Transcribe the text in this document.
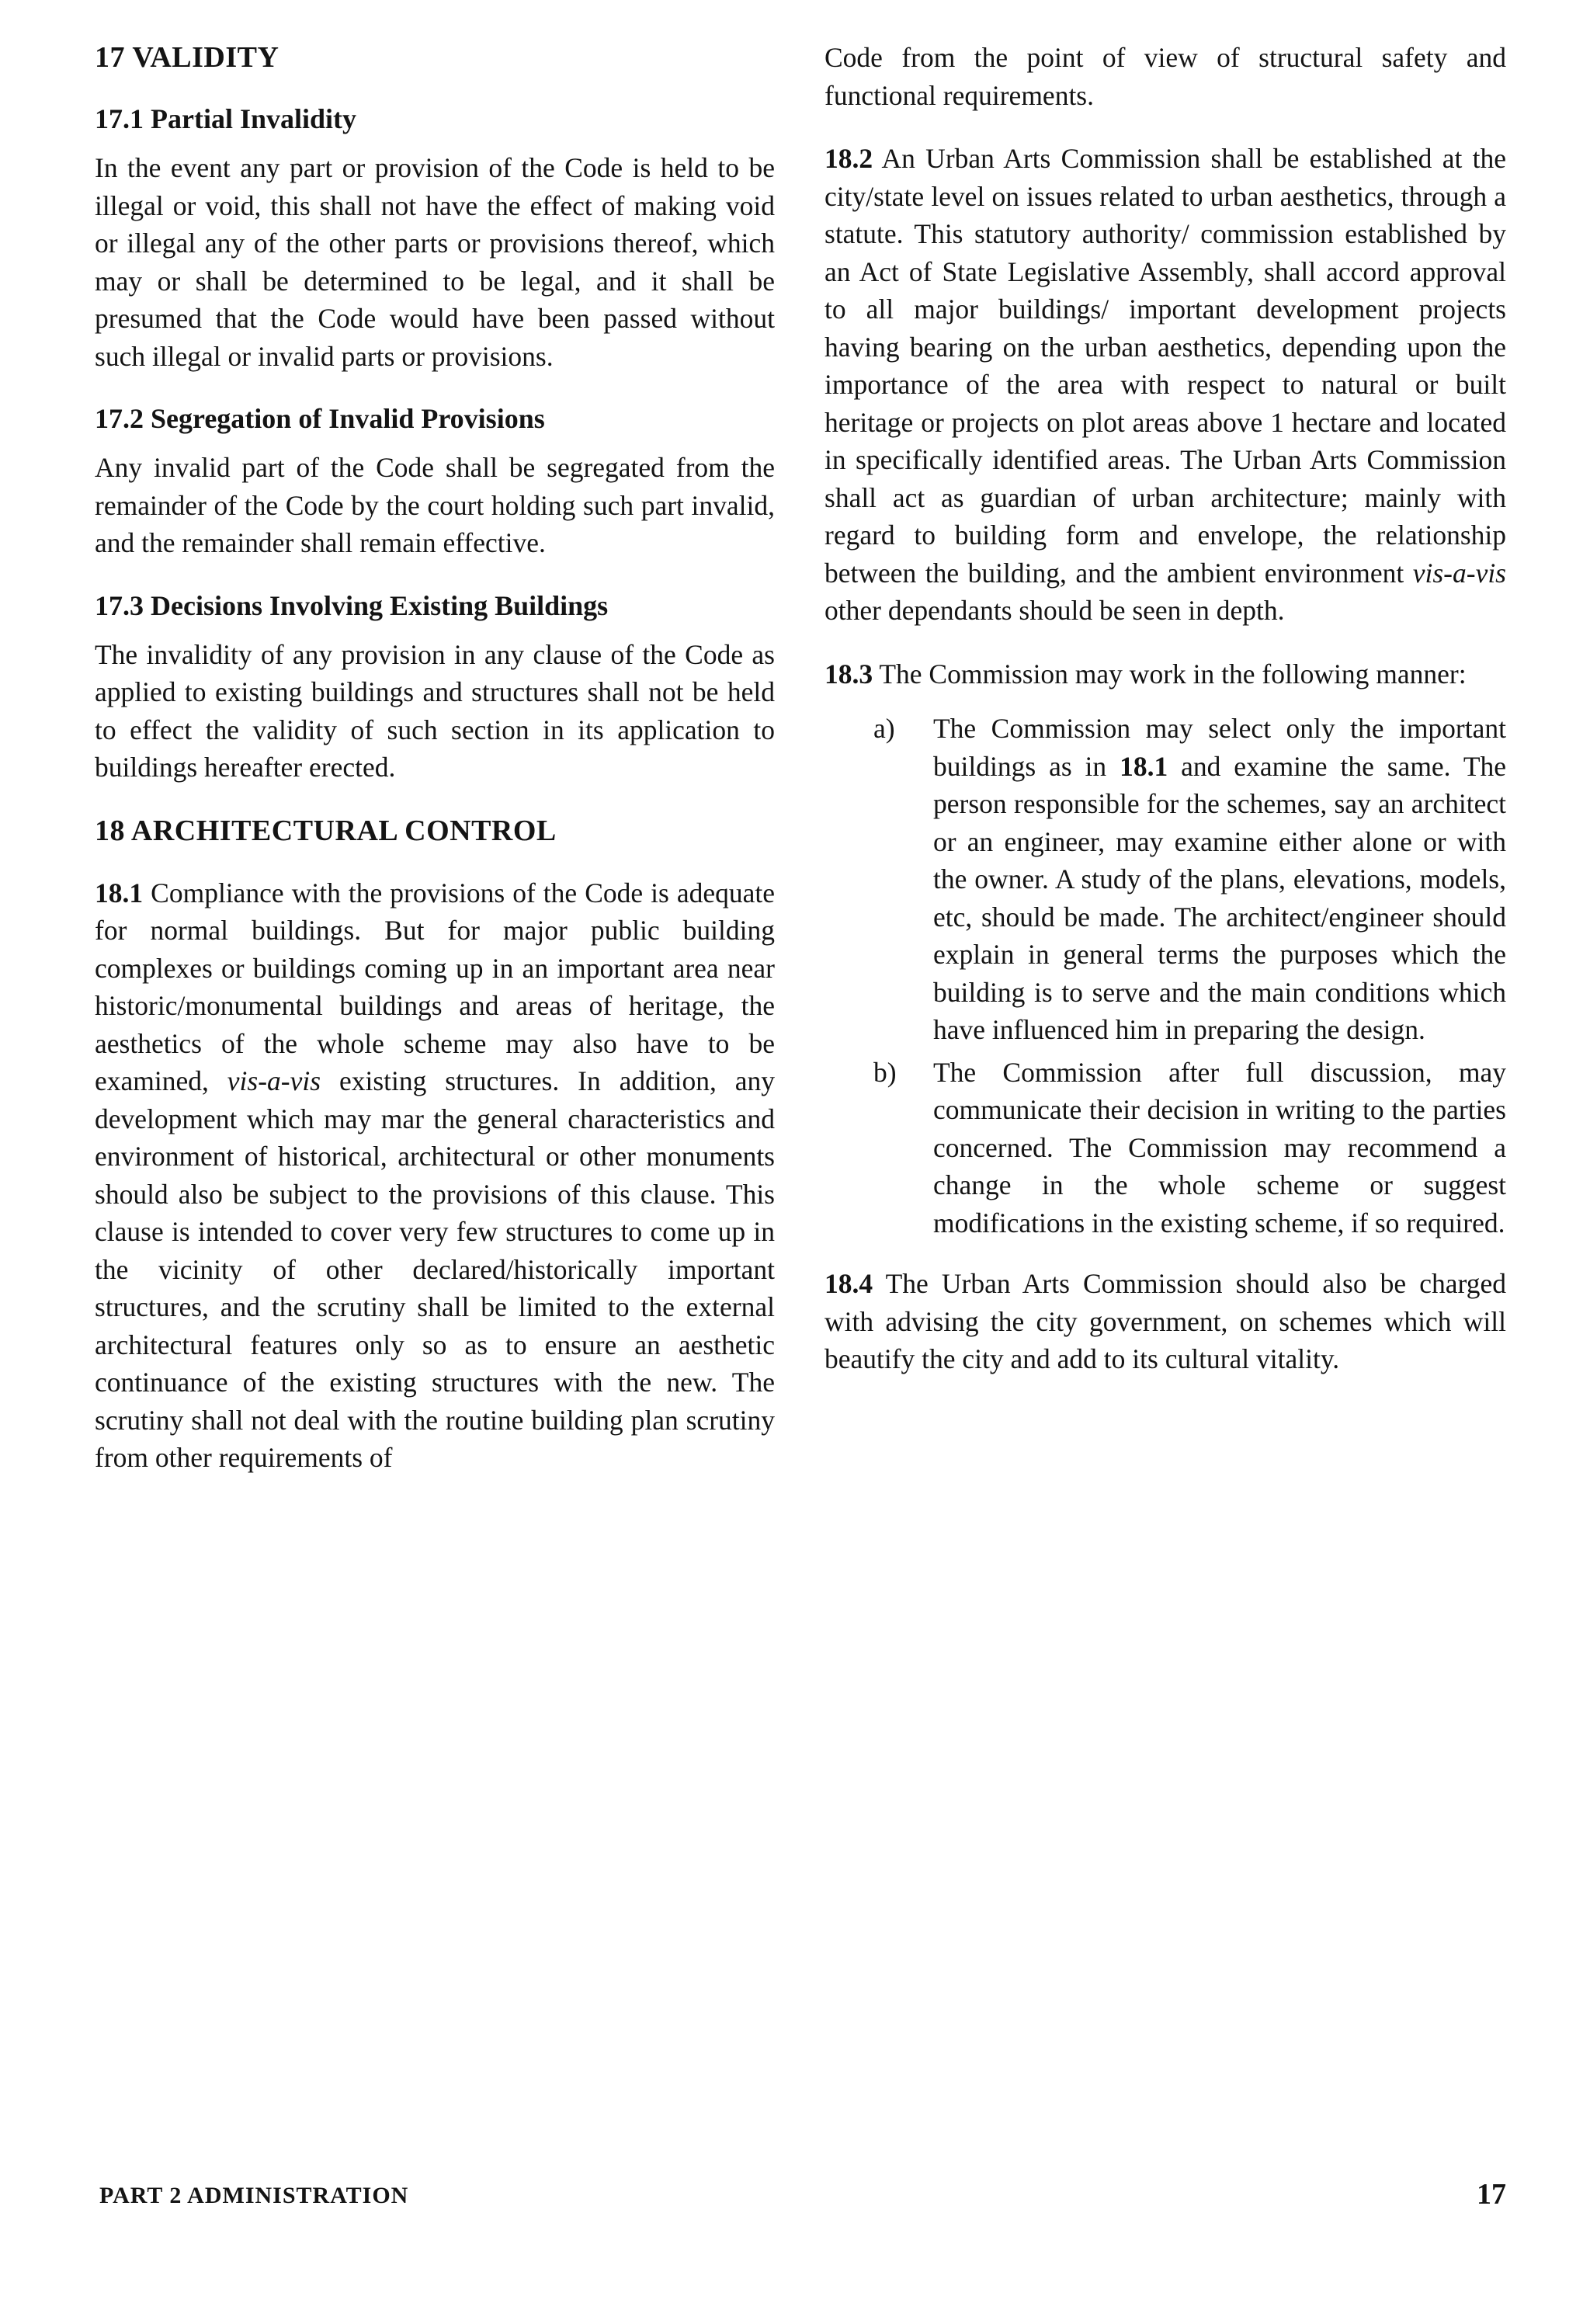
17 VALIDITY
17.1 Partial Invalidity

In the event any part or provision of the Code is held to be illegal or void, this shall not have the effect of making void or illegal any of the other parts or provisions thereof, which may or shall be determined to be legal, and it shall be presumed that the Code would have been passed without such illegal or invalid parts or provisions.

17.2 Segregation of Invalid Provisions

Any invalid part of the Code shall be segregated from the remainder of the Code by the court holding such part invalid, and the remainder shall remain effective.

17.3 Decisions Involving Existing Buildings

The invalidity of any provision in any clause of the Code as applied to existing buildings and structures shall not be held to effect the validity of such section in its application to buildings hereafter erected.

18 ARCHITECTURAL CONTROL

18.1 Compliance with the provisions of the Code is adequate for normal buildings. But for major public building complexes or buildings coming up in an important area near historic/monumental buildings and areas of heritage, the aesthetics of the whole scheme may also have to be examined, vis-a-vis existing structures. In addition, any development which may mar the general characteristics and environment of historical, architectural or other monuments should also be subject to the provisions of this clause. This clause is intended to cover very few structures to come up in the vicinity of other declared/historically important structures, and the scrutiny shall be limited to the external architectural features only so as to ensure an aesthetic continuance of the existing structures with the new. The scrutiny shall not deal with the routine building plan scrutiny from other requirements of

Code from the point of view of structural safety and functional requirements.

18.2 An Urban Arts Commission shall be established at the city/state level on issues related to urban aesthetics, through a statute. This statutory authority/ commission established by an Act of State Legislative Assembly, shall accord approval to all major buildings/ important development projects having bearing on the urban aesthetics, depending upon the importance of the area with respect to natural or built heritage or projects on plot areas above 1 hectare and located in specifically identified areas. The Urban Arts Commission shall act as guardian of urban architecture; mainly with regard to building form and envelope, the relationship between the building, and the ambient environment vis-a-vis other dependants should be seen in depth.

18.3 The Commission may work in the following manner:

a) The Commission may select only the important buildings as in 18.1 and examine the same. The person responsible for the schemes, say an architect or an engineer, may examine either alone or with the owner. A study of the plans, elevations, models, etc, should be made. The architect/engineer should explain in general terms the purposes which the building is to serve and the main conditions which have influenced him in preparing the design.
b) The Commission after full discussion, may communicate their decision in writing to the parties concerned. The Commission may recommend a change in the whole scheme or suggest modifications in the existing scheme, if so required.

18.4 The Urban Arts Commission should also be charged with advising the city government, on schemes which will beautify the city and add to its cultural vitality.

PART 2 ADMINISTRATION	17
